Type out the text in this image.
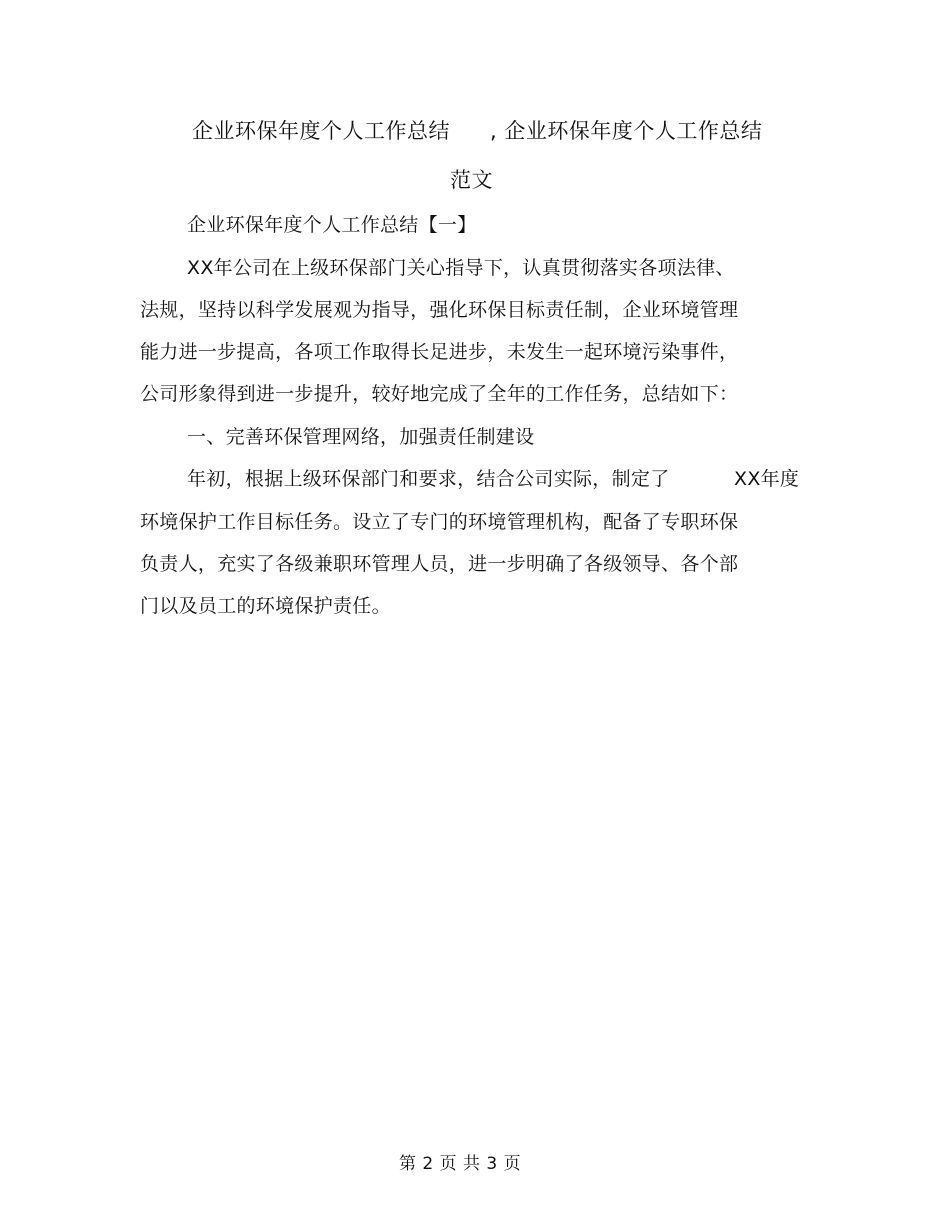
企业环保年度个人工作总结 , 企业环保年度个人工作总结
范文
企业环保年度个人工作总结【一】
XX年公司在上级环保部门关心指导下，认真贯彻落实各项法律、
法规，坚持以科学发展观为指导，强化环保目标责任制，企业环境管理
能力进一步提高，各项工作取得长足进步，未发生一起环境污染事件，
公司形象得到进一步提升，较好地完成了全年的工作任务，总结如下：
一、完善环保管理网络，加强责任制建设
年初，根据上级环保部门和要求，结合公司实际，制定了	XX年度
环境保护工作目标任务。设立了专门的环境管理机构，配备了专职环保
负责人，充实了各级兼职环管理人员，进一步明确了各级领导、各个部
门以及员工的环境保护责任。
第 2 页 共 3 页
